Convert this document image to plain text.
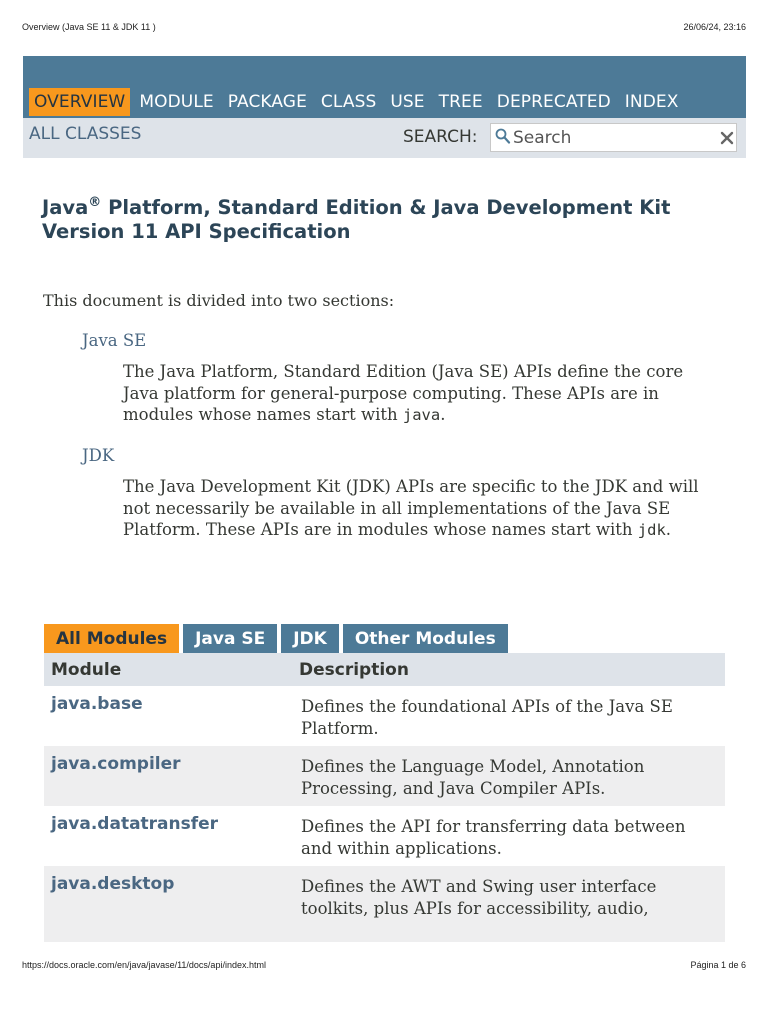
Overview (Java SE 11 & JDK 11 )	26/06/24, 23:16
OVERVIEW MODULE PACKAGE CLASS USE TREE DEPRECATED INDEX
ALL CLASSES	SEARCH:
Search
Java® Platform, Standard Edition & Java Development Kit Version 11 API Specification
This document is divided into two sections:
Java SE
The Java Platform, Standard Edition (Java SE) APIs define the core Java platform for general-purpose computing. These APIs are in modules whose names start with java.
JDK
The Java Development Kit (JDK) APIs are specific to the JDK and will not necessarily be available in all implementations of the Java SE Platform. These APIs are in modules whose names start with jdk.
All Modules	Java SE	JDK	Other Modules
Module	Description
java.base	Defines the foundational APIs of the Java SE Platform.
java.compiler	Defines the Language Model, Annotation Processing, and Java Compiler APIs.
java.datatransfer	Defines the API for transferring data between and within applications.
java.desktop	Defines the AWT and Swing user interface toolkits, plus APIs for accessibility, audio,
https://docs.oracle.com/en/java/javase/11/docs/api/index.html	Página 1 de 6
